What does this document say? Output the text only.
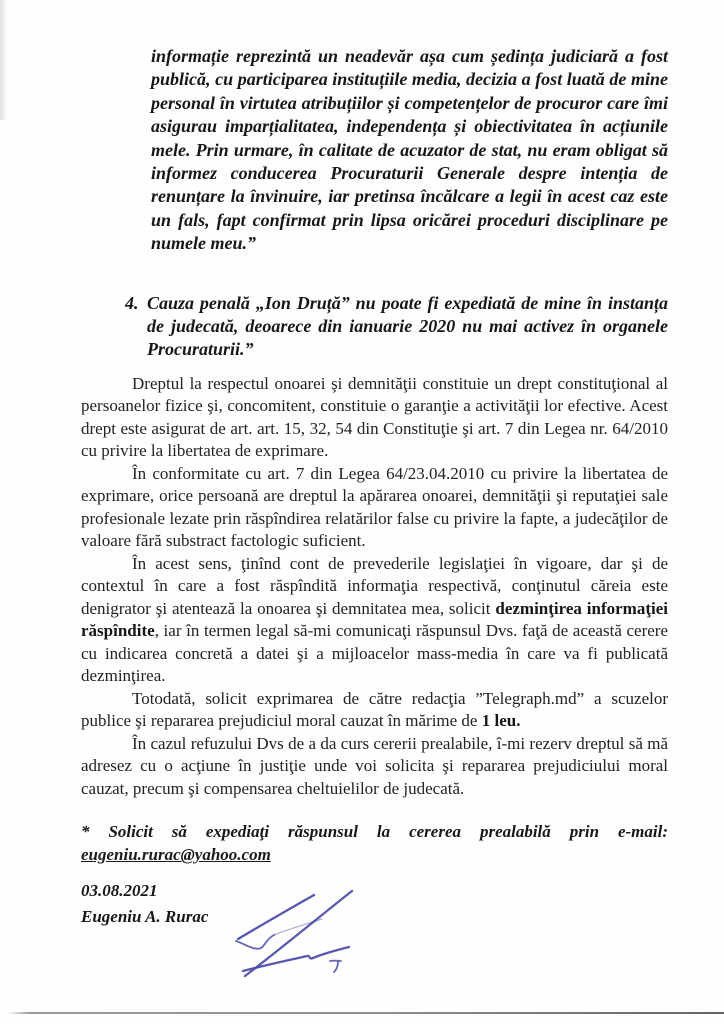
informație reprezintă un neadevăr așa cum ședința judiciară a fost publică, cu participarea instituțiile media, decizia a fost luată de mine personal în virtutea atribuțiilor și competențelor de procuror care îmi asigurau imparțialitatea, independența și obiectivitatea în acțiunile mele. Prin urmare, în calitate de acuzator de stat, nu eram obligat să informez conducerea Procuraturii Generale despre intenția de renunțare la învinuire, iar pretinsa încălcare a legii în acest caz este un fals, fapt confirmat prin lipsa oricărei proceduri disciplinare pe numele meu.”
4. Cauza penală „Ion Druță” nu poate fi expediată de mine în instanța de judecată, deoarece din ianuarie 2020 nu mai activez în organele Procuraturii.”

Dreptul la respectul onoarei şi demnităţii constituie un drept constituţional al persoanelor fizice şi, concomitent, constituie o garanţie a activităţii lor efective. Acest drept este asigurat de art. art. 15, 32, 54 din Constituţie şi art. 7 din Legea nr. 64/2010 cu privire la libertatea de exprimare.

În conformitate cu art. 7 din Legea 64/23.04.2010 cu privire la libertatea de exprimare, orice persoană are dreptul la apărarea onoarei, demnităţii şi reputaţiei sale profesionale lezate prin răspîndirea relatărilor false cu privire la fapte, a judecăţilor de valoare fără substract factologic suficient.

În acest sens, ţinînd cont de prevederile legislaţiei în vigoare, dar şi de contextul în care a fost răspîndită informaţia respectivă, conţinutul căreia este denigrator şi atentează la onoarea şi demnitatea mea, solicit dezminţirea informaţiei răspîndite, iar în termen legal să-mi comunicaţi răspunsul Dvs. faţă de această cerere cu indicarea concretă a datei şi a mijloacelor mass-media în care va fi publicată dezminţirea.

Totodată, solicit exprimarea de către redacţia ”Telegraph.md” a scuzelor publice şi repararea prejudiciul moral cauzat în mărime de 1 leu.

În cazul refuzului Dvs de a da curs cererii prealabile, î-mi rezerv dreptul să mă adresez cu o acţiune în justiţie unde voi solicita şi repararea prejudiciului moral cauzat, precum şi compensarea cheltuielilor de judecată.

* Solicit să expediaţi răspunsul la cererea prealabilă prin e-mail:
eugeniu.rurac@yahoo.com
03.08.2021
Eugeniu A. Rurac
